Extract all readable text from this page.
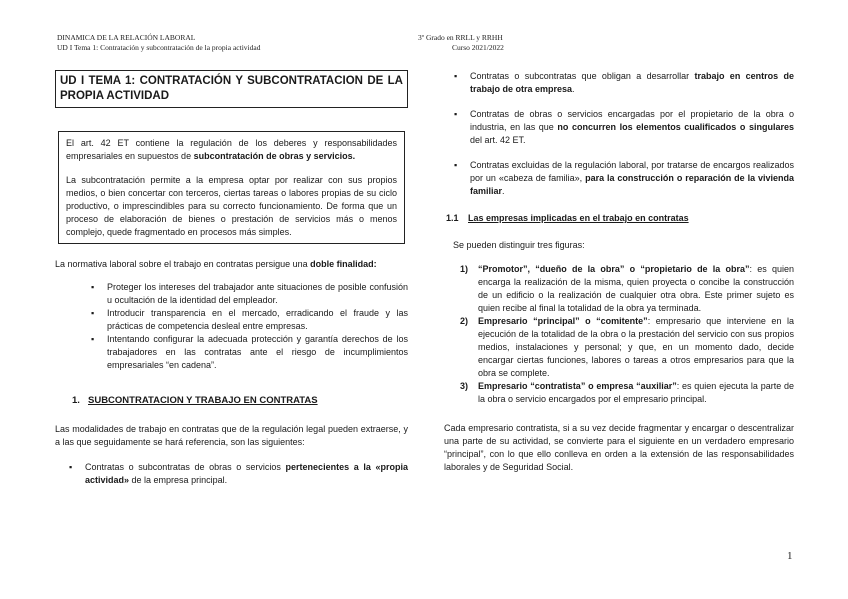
DINAMICA DE LA RELACIÓN LABORAL
UD I Tema 1: Contratación y subcontratación de la propia actividad
3º Grado en RRLL y RRHH
Curso 2021/2022
UD I TEMA 1: CONTRATACIÓN Y SUBCONTRATACION DE LA PROPIA ACTIVIDAD

El art. 42 ET contiene la regulación de los deberes y responsabilidades empresariales en supuestos de subcontratación de obras y servicios.

La subcontratación permite a la empresa optar por realizar con sus propios medios, o bien concertar con terceros, ciertas tareas o labores propias de su ciclo productivo, o imprescindibles para su correcto funcionamiento. De forma que un proceso de elaboración de bienes o prestación de servicios más o menos complejo, quede fragmentado en procesos más simples.

La normativa laboral sobre el trabajo en contratas persigue una doble finalidad:

▪ Proteger los intereses del trabajador ante situaciones de posible confusión u ocultación de la identidad del empleador.
▪ Introducir transparencia en el mercado, erradicando el fraude y las prácticas de competencia desleal entre empresas.
▪ Intentando configurar la adecuada protección y garantía derechos de los trabajadores en las contratas ante el riesgo de incumplimientos empresariales “en cadena”.
1. SUBCONTRATACION Y TRABAJO EN CONTRATAS

Las modalidades de trabajo en contratas que de la regulación legal pueden extraerse, y a las que seguidamente se hará referencia, son las siguientes:

▪ Contratas o subcontratas de obras o servicios pertenecientes a la «propia actividad» de la empresa principal.
▪ Contratas o subcontratas que obligan a desarrollar trabajo en centros de trabajo de otra empresa.
▪ Contratas de obras o servicios encargadas por el propietario de la obra o industria, en las que no concurren los elementos cualificados o singulares del art. 42 ET.
▪ Contratas excluidas de la regulación laboral, por tratarse de encargos realizados por un «cabeza de familia», para la construcción o reparación de la vivienda familiar.
1.1 Las empresas implicadas en el trabajo en contratas

Se pueden distinguir tres figuras:

1) “Promotor”, “dueño de la obra” o “propietario de la obra”: es quien encarga la realización de la misma, quien proyecta o concibe la construcción de un edificio o la realización de cualquier otra obra. Este primer sujeto es quien recibe al final la totalidad de la obra ya terminada.
2) Empresario “principal” o “comitente”: empresario que interviene en la ejecución de la totalidad de la obra o la prestación del servicio con sus propios medios, instalaciones y personal; y que, en un momento dado, decide encargar ciertas funciones, labores o tareas a otros empresarios para que la obra se complete.
3) Empresario “contratista” o empresa “auxiliar”: es quien ejecuta la parte de la obra o servicio encargados por el empresario principal.

Cada empresario contratista, si a su vez decide fragmentar y encargar o descentralizar una parte de su actividad, se convierte para el siguiente en un verdadero empresario “principal”, con lo que ello conlleva en orden a la extensión de las responsabilidades laborales y de Seguridad Social.

1
